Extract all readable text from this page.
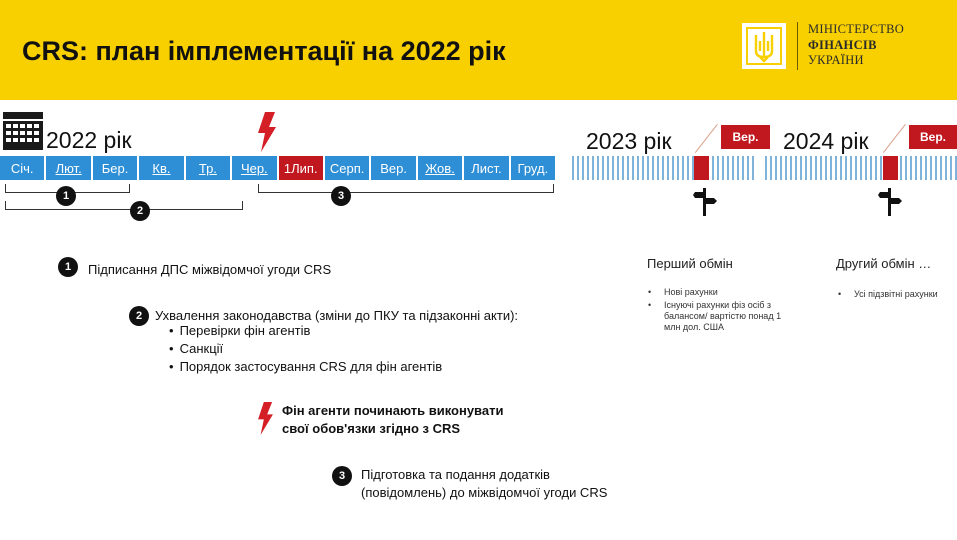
CRS: план імплементації на 2022 рік
МІНІСТЕРСТВО
ФІНАНСІВ
УКРАЇНИ
2022 рік
Січ.	Лют.	Бер.	Кв.	Тр.	Чер.	1Лип. Серп.	Вер.	Жов.	Лист.	Груд.
1
2
3
2023 рік	Вер.	2024 рік	Вер.
1	Підписання ДПС міжвідомчої угоди CRS
2 Ухвалення законодавства (зміни до ПКУ та підзаконні акти):
• Перевірки фін агентів
• Санкції
• Порядок застосування CRS для фін агентів
Фін агенти починають виконувати
свої обов'язки згідно з CRS
3	Підготовка та подання додатків
(повідомлень) до міжвідомчої угоди CRS
Перший обмін
• Нові рахунки
• Існуючі рахунки фіз осіб з балансом/ вартістю понад 1 млн дол. США
Другий обмін …
• Усі підзвітні рахунки
